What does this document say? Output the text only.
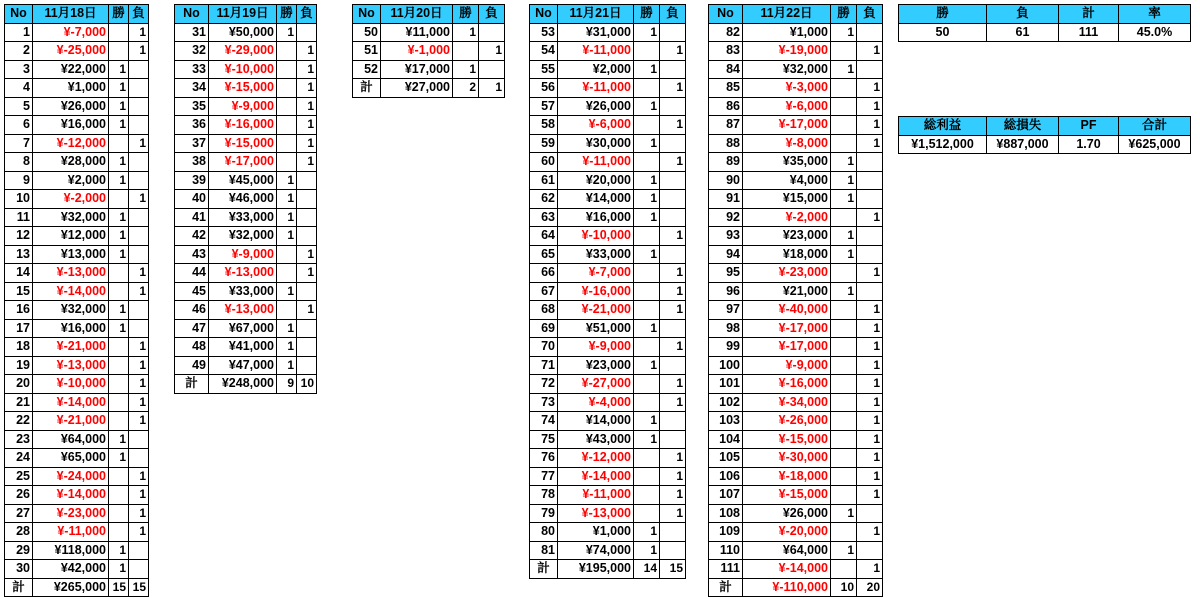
No	11月18日	勝	負
1	¥-7,000		1
2	¥-25,000		1
3	¥22,000	1	
4	¥1,000	1	
5	¥26,000	1	
6	¥16,000	1	
7	¥-12,000		1
8	¥28,000	1	
9	¥2,000	1	
10	¥-2,000		1
11	¥32,000	1	
12	¥12,000	1	
13	¥13,000	1	
14	¥-13,000		1
15	¥-14,000		1
16	¥32,000	1	
17	¥16,000	1	
18	¥-21,000		1
19	¥-13,000		1
20	¥-10,000		1
21	¥-14,000		1
22	¥-21,000		1
23	¥64,000	1	
24	¥65,000	1	
25	¥-24,000		1
26	¥-14,000		1
27	¥-23,000		1
28	¥-11,000		1
29	¥118,000	1	
30	¥42,000	1	
計	¥265,000	15	15
No	11月19日	勝	負
31	¥50,000	1	
32	¥-29,000		1
33	¥-10,000		1
34	¥-15,000		1
35	¥-9,000		1
36	¥-16,000		1
37	¥-15,000		1
38	¥-17,000		1
39	¥45,000	1	
40	¥46,000	1	
41	¥33,000	1	
42	¥32,000	1	
43	¥-9,000		1
44	¥-13,000		1
45	¥33,000	1	
46	¥-13,000		1
47	¥67,000	1	
48	¥41,000	1	
49	¥47,000	1	
計	¥248,000	9	10
No	11月20日	勝	負
50	¥11,000	1	
51	¥-1,000		1
52	¥17,000	1	
計	¥27,000	2	1
No	11月21日	勝	負
53	¥31,000	1	
54	¥-11,000		1
55	¥2,000	1	
56	¥-11,000		1
57	¥26,000	1	
58	¥-6,000		1
59	¥30,000	1	
60	¥-11,000		1
61	¥20,000	1	
62	¥14,000	1	
63	¥16,000	1	
64	¥-10,000		1
65	¥33,000	1	
66	¥-7,000		1
67	¥-16,000		1
68	¥-21,000		1
69	¥51,000	1	
70	¥-9,000		1
71	¥23,000	1	
72	¥-27,000		1
73	¥-4,000		1
74	¥14,000	1	
75	¥43,000	1	
76	¥-12,000		1
77	¥-14,000		1
78	¥-11,000		1
79	¥-13,000		1
80	¥1,000	1	
81	¥74,000	1	
計	¥195,000	14	15
No	11月22日	勝	負
82	¥1,000	1	
83	¥-19,000		1
84	¥32,000	1	
85	¥-3,000		1
86	¥-6,000		1
87	¥-17,000		1
88	¥-8,000		1
89	¥35,000	1	
90	¥4,000	1	
91	¥15,000	1	
92	¥-2,000		1
93	¥23,000	1	
94	¥18,000	1	
95	¥-23,000		1
96	¥21,000	1	
97	¥-40,000		1
98	¥-17,000		1
99	¥-17,000		1
100	¥-9,000		1
101	¥-16,000		1
102	¥-34,000		1
103	¥-26,000		1
104	¥-15,000		1
105	¥-30,000		1
106	¥-18,000		1
107	¥-15,000		1
108	¥26,000	1	
109	¥-20,000		1
110	¥64,000	1	
111	¥-14,000		1
計	¥-110,000	10	20
勝	負	計	率
50	61	111	45.0%
総利益	総損失	PF	合計
¥1,512,000	¥887,000	1.70	¥625,000
